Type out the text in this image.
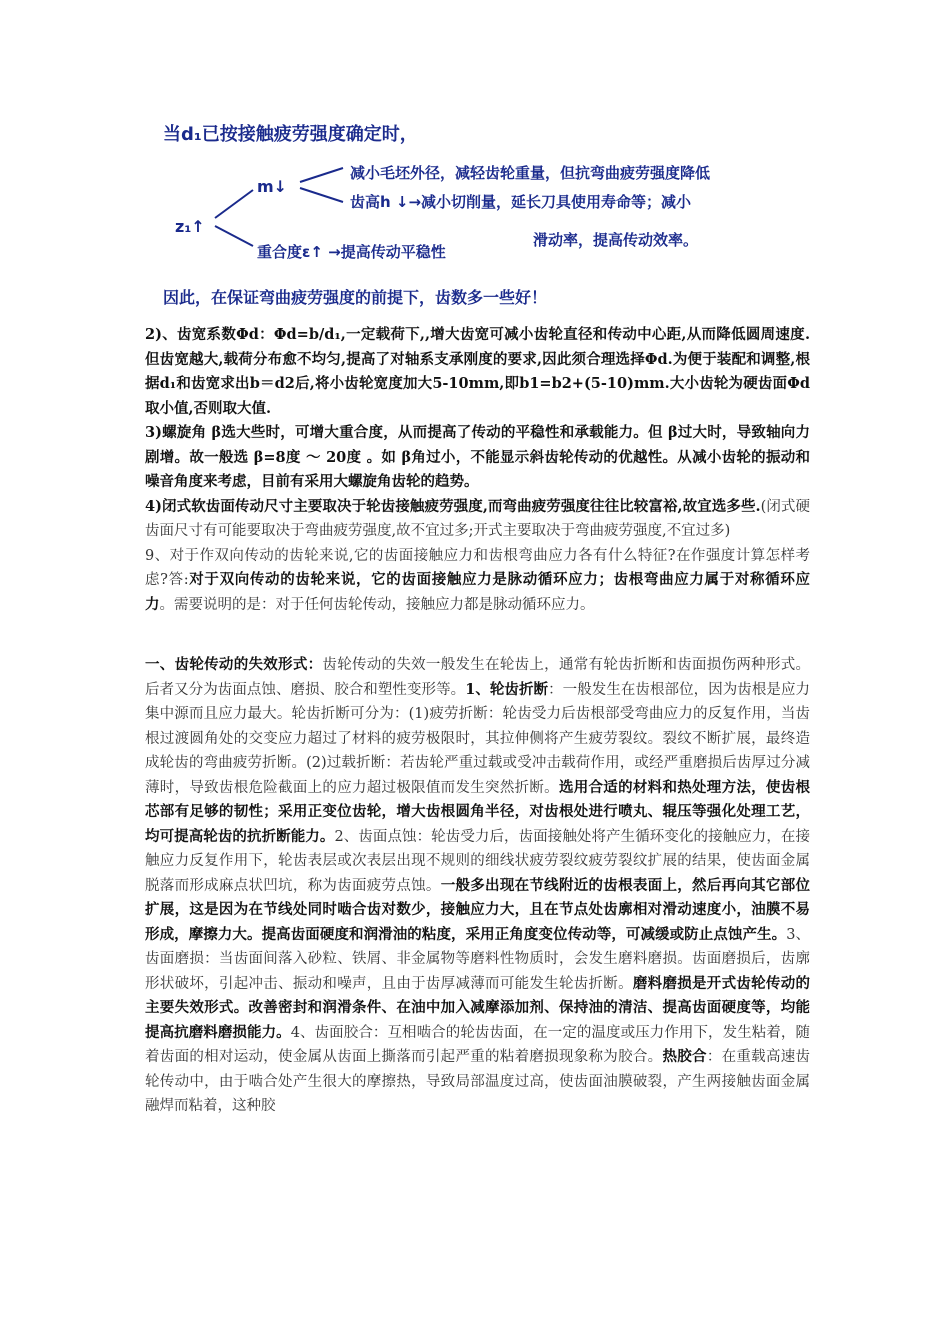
当d₁已按接触疲劳强度确定时，
z₁↑
m↓
减小毛坯外径，减轻齿轮重量，但抗弯曲疲劳强度降低
齿高h ↓→减小切削量，延长刀具使用寿命等；减小
滑动率，提高传动效率。
重合度ε↑ →提高传动平稳性
因此，在保证弯曲疲劳强度的前提下，齿数多一些好！

2)、齿宽系数Φd：Φd=b/d₁,一定载荷下,,增大齿宽可减小齿轮直径和传动中心距,从而降低圆周速度.但齿宽越大,载荷分布愈不均匀,提高了对轴系支承刚度的要求,因此须合理选择Φd.为便于装配和调整,根据d₁和齿宽求出b＝d2后,将小齿轮宽度加大5-10mm,即b1=b2+(5-10)mm.大小齿轮为硬齿面Φd取小值,否则取大值.

3)螺旋角 β选大些时，可增大重合度，从而提高了传动的平稳性和承载能力。但 β过大时，导致轴向力剧增。故一般选 β=8度 ～ 20度 。如 β角过小，不能显示斜齿轮传动的优越性。从减小齿轮的振动和噪音角度来考虑，目前有采用大螺旋角齿轮的趋势。

4)闭式软齿面传动尺寸主要取决于轮齿接触疲劳强度,而弯曲疲劳强度往往比较富裕,故宜选多些.(闭式硬齿面尺寸有可能要取决于弯曲疲劳强度,故不宜过多;开式主要取决于弯曲疲劳强度,不宜过多)

9、对于作双向传动的齿轮来说,它的齿面接触应力和齿根弯曲应力各有什么特征?在作强度计算怎样考虑?答:对于双向传动的齿轮来说，它的齿面接触应力是脉动循环应力；齿根弯曲应力属于对称循环应力。需要说明的是：对于任何齿轮传动，接触应力都是脉动循环应力。

一、齿轮传动的失效形式：齿轮传动的失效一般发生在轮齿上，通常有轮齿折断和齿面损伤两种形式。后者又分为齿面点蚀、磨损、胶合和塑性变形等。1、轮齿折断：一般发生在齿根部位，因为齿根是应力集中源而且应力最大。轮齿折断可分为：(1)疲劳折断：轮齿受力后齿根部受弯曲应力的反复作用，当齿根过渡圆角处的交变应力超过了材料的疲劳极限时，其拉伸侧将产生疲劳裂纹。裂纹不断扩展，最终造成轮齿的弯曲疲劳折断。(2)过载折断：若齿轮严重过载或受冲击载荷作用，或经严重磨损后齿厚过分减薄时，导致齿根危险截面上的应力超过极限值而发生突然折断。选用合适的材料和热处理方法，使齿根芯部有足够的韧性；采用正变位齿轮，增大齿根圆角半径，对齿根处进行喷丸、辊压等强化处理工艺，均可提高轮齿的抗折断能力。2、齿面点蚀：轮齿受力后，齿面接触处将产生循环变化的接触应力，在接触应力反复作用下，轮齿表层或次表层出现不规则的细线状疲劳裂纹疲劳裂纹扩展的结果，使齿面金属脱落而形成麻点状凹坑，称为齿面疲劳点蚀。一般多出现在节线附近的齿根表面上，然后再向其它部位扩展，这是因为在节线处同时啮合齿对数少，接触应力大，且在节点处齿廓相对滑动速度小，油膜不易形成，摩擦力大。提高齿面硬度和润滑油的粘度，采用正角度变位传动等，可减缓或防止点蚀产生。3、齿面磨损：当齿面间落入砂粒、铁屑、非金属物等磨料性物质时，会发生磨料磨损。齿面磨损后，齿廓形状破坏，引起冲击、振动和噪声，且由于齿厚减薄而可能发生轮齿折断。磨料磨损是开式齿轮传动的主要失效形式。改善密封和润滑条件、在油中加入减摩添加剂、保持油的清洁、提高齿面硬度等，均能提高抗磨料磨损能力。4、齿面胶合：互相啮合的轮齿齿面，在一定的温度或压力作用下，发生粘着，随着齿面的相对运动，使金属从齿面上撕落而引起严重的粘着磨损现象称为胶合。热胶合：在重载高速齿轮传动中，由于啮合处产生很大的摩擦热，导致局部温度过高，使齿面油膜破裂，产生两接触齿面金属融焊而粘着，这种胶
